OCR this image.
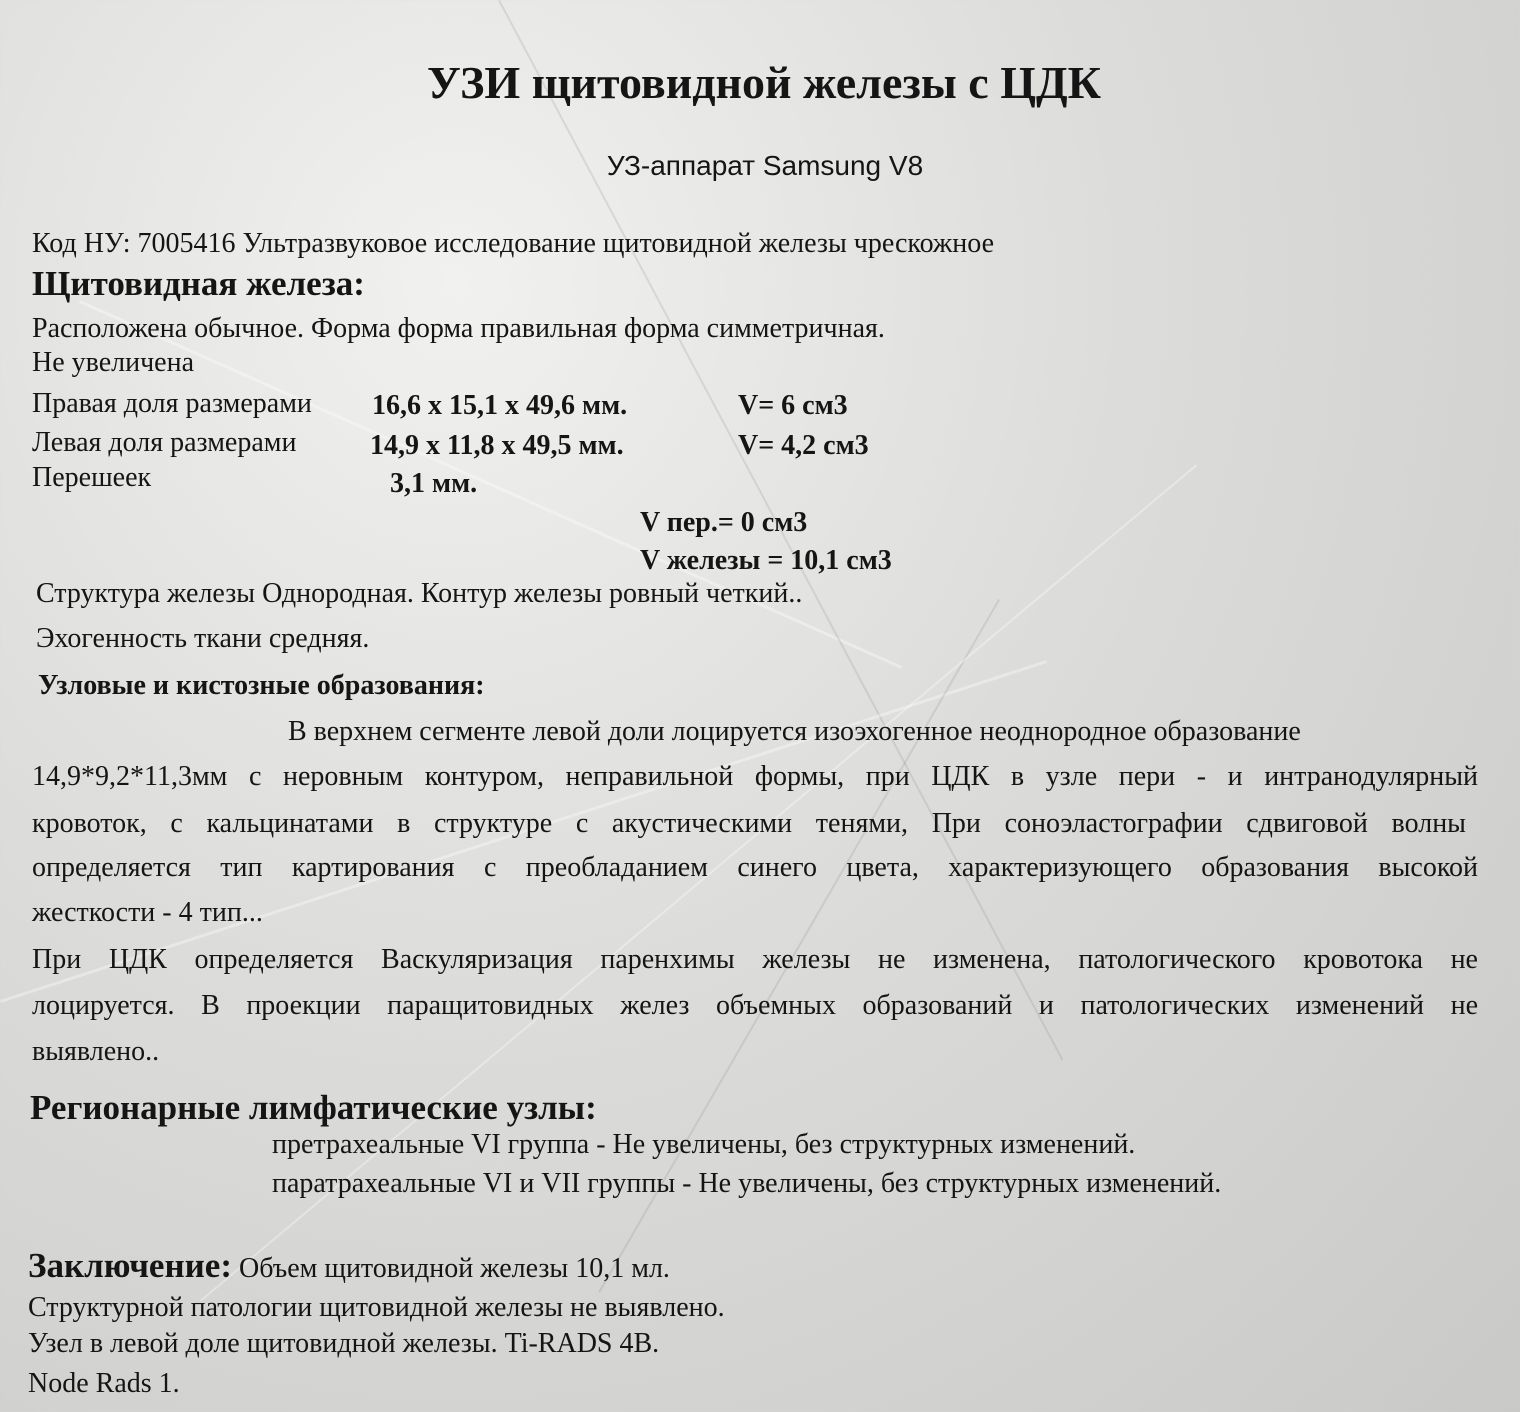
УЗИ щитовидной железы с ЦДК
УЗ-аппарат Samsung V8
Код НУ: 7005416 Ультразвуковое исследование щитовидной железы чрескожное
Щитовидная железа:
Расположена обычное. Форма форма правильная форма симметричная.
Не увеличена
Правая доля размерами 16,6 х 15,1 х 49,6 мм.	V= 6 см3
Левая доля размерами	14,9 х 11,8 х 49,5 мм.	V= 4,2 см3
Перешеек	3,1 мм.
V пер.= 0 см3
V железы = 10,1 см3
Структура железы Однородная. Контур железы ровный четкий..
Эхогенность ткани средняя.
Узловые и кистозные образования:
В верхнем сегменте левой доли лоцируется изоэхогенное неоднородное образование
14,9*9,2*11,3мм с неровным контуром, неправильной формы, при ЦДК в узле пери - и интранодулярный
кровоток, с кальцинатами в структуре с акустическими тенями, При соноэластографии сдвиговой волны
определяется тип картирования с преобладанием синего цвета, характеризующего образования высокой
жесткости - 4 тип...
При ЦДК определяется Васкуляризация паренхимы железы не изменена, патологического кровотока не
лоцируется. В проекции паращитовидных желез объемных образований и патологических изменений не
выявлено..
Регионарные лимфатические узлы:
претрахеальные VI группа - Не увеличены, без структурных изменений.
паратрахеальные VI и VII группы - Не увеличены, без структурных изменений.
Заключение: Объем щитовидной железы 10,1 мл.
Структурной патологии щитовидной железы не выявлено.
Узел в левой доле щитовидной железы. Ti-RADS 4B.
Node Rads 1.
